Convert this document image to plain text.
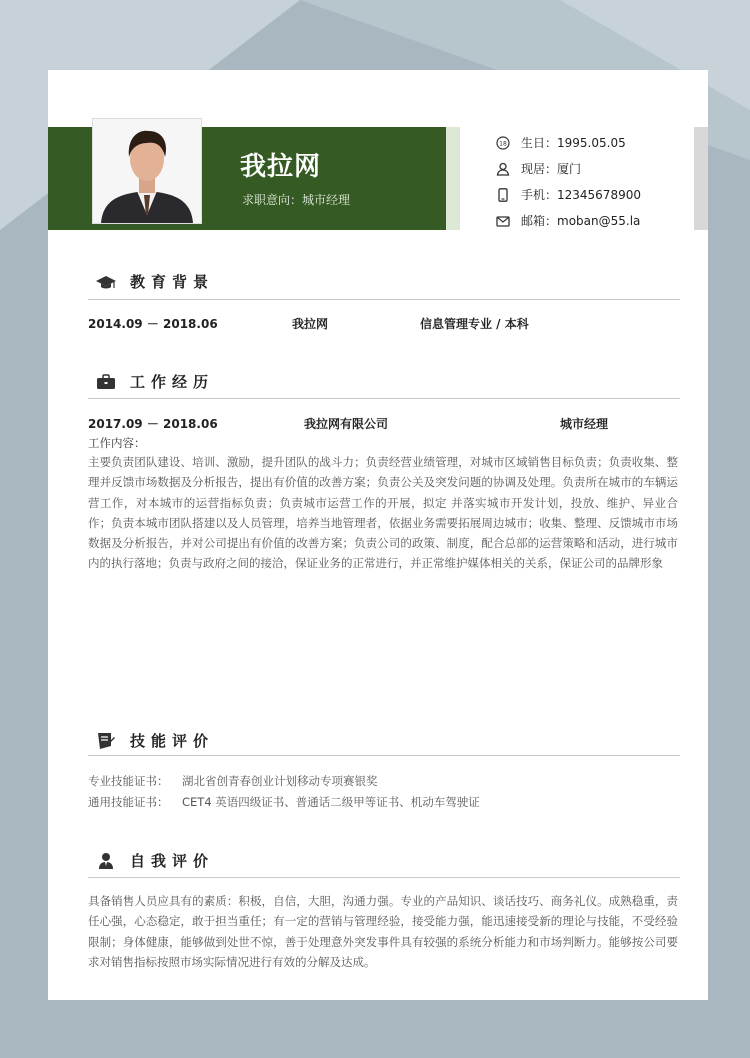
我拉网
求职意向：城市经理
18 生日：1995.05.05
现居：厦门
手机：12345678900
邮箱：moban@55.la
教育背景
2014.09 － 2018.06	我拉网	信息管理专业 / 本科
工作经历
2017.09 － 2018.06	我拉网有限公司	城市经理
工作内容：
主要负责团队建设、培训、激励，提升团队的战斗力；负责经营业绩管理，对城市区域销售目标负责；负责收集、整理并反馈市场数据及分析报告，提出有价值的改善方案；负责公关及突发问题的协调及处理。负责所在城市的车辆运营工作，对本城市的运营指标负责；负责城市运营工作的开展，拟定 并落实城市开发计划，投放、维护、异业合作；负责本城市团队搭建以及人员管理，培养当地管理者，依据业务需要拓展周边城市；收集、整理、反馈城市市场数据及分析报告，并对公司提出有价值的改善方案；负责公司的政策、制度，配合总部的运营策略和活动，进行城市内的执行落地；负责与政府之间的接洽，保证业务的正常进行，并正常维护媒体相关的关系，保证公司的品牌形象
技能评价
专业技能证书： 湖北省创青春创业计划移动专项赛银奖
通用技能证书： CET4 英语四级证书、普通话二级甲等证书、机动车驾驶证
自我评价
具备销售人员应具有的素质：积极，自信，大胆，沟通力强。专业的产品知识、谈话技巧、商务礼仪。成熟稳重，责任心强，心态稳定，敢于担当重任；有一定的营销与管理经验，接受能力强，能迅速接受新的理论与技能，不受经验限制；身体健康，能够做到处世不惊，善于处理意外突发事件具有较强的系统分析能力和市场判断力。能够按公司要求对销售指标按照市场实际情况进行有效的分解及达成。
